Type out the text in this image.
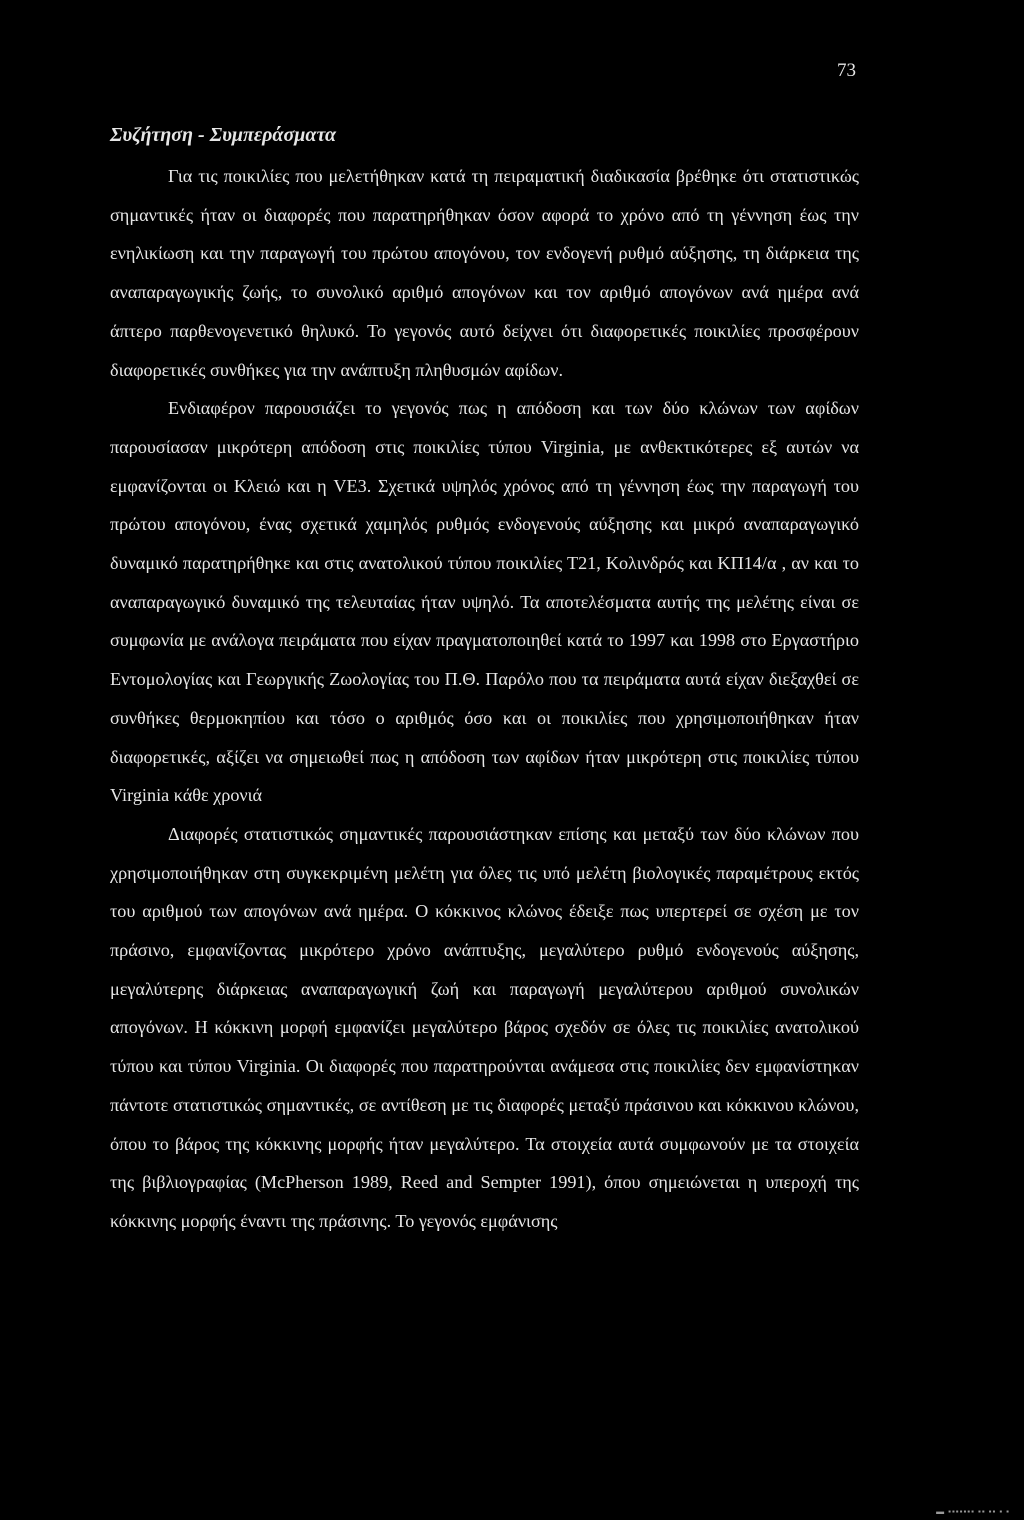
73
Συζήτηση - Συμπεράσματα

Για τις ποικιλίες που μελετήθηκαν κατά τη πειραματική διαδικασία βρέθηκε ότι στατιστικώς σημαντικές ήταν οι διαφορές που παρατηρήθηκαν όσον αφορά το χρόνο από τη γέννηση έως την ενηλικίωση και την παραγωγή του πρώτου απογόνου, τον ενδογενή ρυθμό αύξησης, τη διάρκεια της αναπαραγωγικής ζωής, το συνολικό αριθμό απογόνων και τον αριθμό απογόνων ανά ημέρα ανά άπτερο παρθενογενετικό θηλυκό. Το γεγονός αυτό δείχνει ότι διαφορετικές ποικιλίες προσφέρουν διαφορετικές συνθήκες για την ανάπτυξη πληθυσμών αφίδων.

Ενδιαφέρον παρουσιάζει το γεγονός πως η απόδοση και των δύο κλώνων των αφίδων παρουσίασαν μικρότερη απόδοση στις ποικιλίες τύπου Virginia, με ανθεκτικότερες εξ αυτών να εμφανίζονται οι Κλειώ και η VE3. Σχετικά υψηλός χρόνος από τη γέννηση έως την παραγωγή του πρώτου απογόνου, ένας σχετικά χαμηλός ρυθμός ενδογενούς αύξησης και μικρό αναπαραγωγικό δυναμικό παρατηρήθηκε και στις ανατολικού τύπου ποικιλίες Τ21, Κολινδρός και ΚΠ14/α , αν και το αναπαραγωγικό δυναμικό της τελευταίας ήταν υψηλό. Τα αποτελέσματα αυτής της μελέτης είναι σε συμφωνία με ανάλογα πειράματα που είχαν πραγματοποιηθεί κατά το 1997 και 1998 στο Εργαστήριο Εντομολογίας και Γεωργικής Ζωολογίας του Π.Θ. Παρόλο που τα πειράματα αυτά είχαν διεξαχθεί σε συνθήκες θερμοκηπίου και τόσο ο αριθμός όσο και οι ποικιλίες που χρησιμοποιήθηκαν ήταν διαφορετικές, αξίζει να σημειωθεί πως η απόδοση των αφίδων ήταν μικρότερη στις ποικιλίες τύπου Virginia κάθε χρονιά

Διαφορές στατιστικώς σημαντικές παρουσιάστηκαν επίσης και μεταξύ των δύο κλώνων που χρησιμοποιήθηκαν στη συγκεκριμένη μελέτη για όλες τις υπό μελέτη βιολογικές παραμέτρους εκτός του αριθμού των απογόνων ανά ημέρα. Ο κόκκινος κλώνος έδειξε πως υπερτερεί σε σχέση με τον πράσινο, εμφανίζοντας μικρότερο χρόνο ανάπτυξης, μεγαλύτερο ρυθμό ενδογενούς αύξησης, μεγαλύτερης διάρκειας αναπαραγωγική ζωή και παραγωγή μεγαλύτερου αριθμού συνολικών απογόνων. Η κόκκινη μορφή εμφανίζει μεγαλύτερο βάρος σχεδόν σε όλες τις ποικιλίες ανατολικού τύπου και τύπου Virginia. Οι διαφορές που παρατηρούνται ανάμεσα στις ποικιλίες δεν εμφανίστηκαν πάντοτε στατιστικώς σημαντικές, σε αντίθεση με τις διαφορές μεταξύ πράσινου και κόκκινου κλώνου, όπου το βάρος της κόκκινης μορφής ήταν μεγαλύτερο. Τα στοιχεία αυτά συμφωνούν με τα στοιχεία της βιβλιογραφίας (McPherson 1989, Reed and Sempter 1991), όπου σημειώνεται η υπεροχή της κόκκινης μορφής έναντι της πράσινης. Το γεγονός εμφάνισης

▬ ▪▪▪▪▪▪▪ ▪▪ ▪▪ ▪ ▪
